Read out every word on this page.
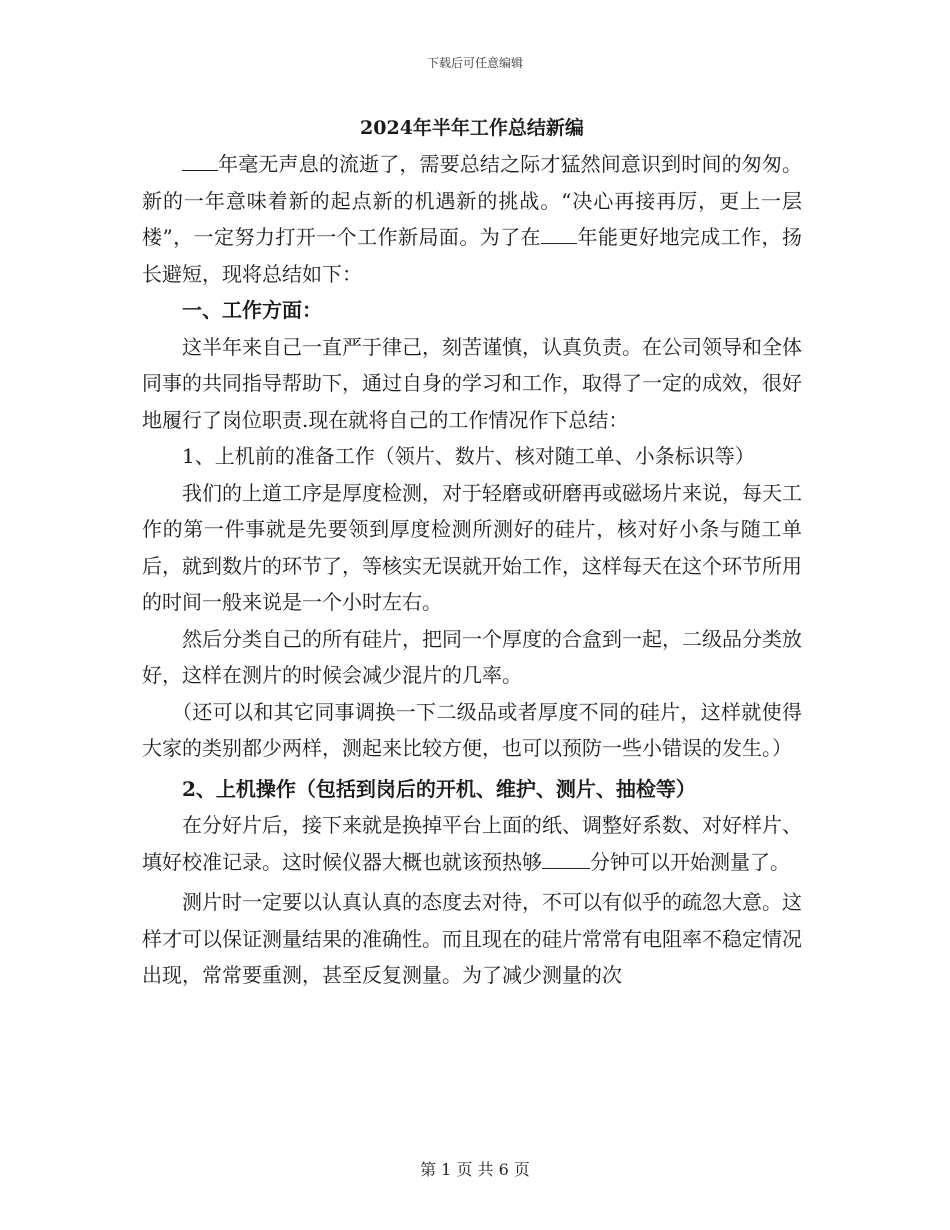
下载后可任意编辑
2024年半年工作总结新编

年毫无声息的流逝了，需要总结之际才猛然间意识到时间的匆匆。新的一年意味着新的起点新的机遇新的挑战。“决心再接再厉，更上一层楼”，一定努力打开一个工作新局面。为了在 年能更好地完成工作，扬长避短，现将总结如下：

一、工作方面：

这半年来自己一直严于律己，刻苦谨慎，认真负责。在公司领导和全体同事的共同指导帮助下，通过自身的学习和工作，取得了一定的成效，很好地履行了岗位职责.现在就将自己的工作情况作下总结：

1、上机前的准备工作（领片、数片、核对随工单、小条标识等）

我们的上道工序是厚度检测，对于轻磨或研磨再或磁场片来说，每天工作的第一件事就是先要领到厚度检测所测好的硅片，核对好小条与随工单后，就到数片的环节了，等核实无误就开始工作，这样每天在这个环节所用的时间一般来说是一个小时左右。

然后分类自己的所有硅片，把同一个厚度的合盒到一起，二级品分类放好，这样在测片的时候会减少混片的几率。

（还可以和其它同事调换一下二级品或者厚度不同的硅片，这样就使得大家的类别都少两样，测起来比较方便，也可以预防一些小错误的发生。）

2、上机操作（包括到岗后的开机、维护、测片、抽检等）

在分好片后，接下来就是换掉平台上面的纸、调整好系数、对好样片、填好校准记录。这时候仪器大概也就该预热够 分钟可以开始测量了。

测片时一定要以认真认真的态度去对待，不可以有似乎的疏忽大意。这样才可以保证测量结果的准确性。而且现在的硅片常常有电阻率不稳定情况出现，常常要重测，甚至反复测量。为了减少测量的次

第 1 页 共 6 页
